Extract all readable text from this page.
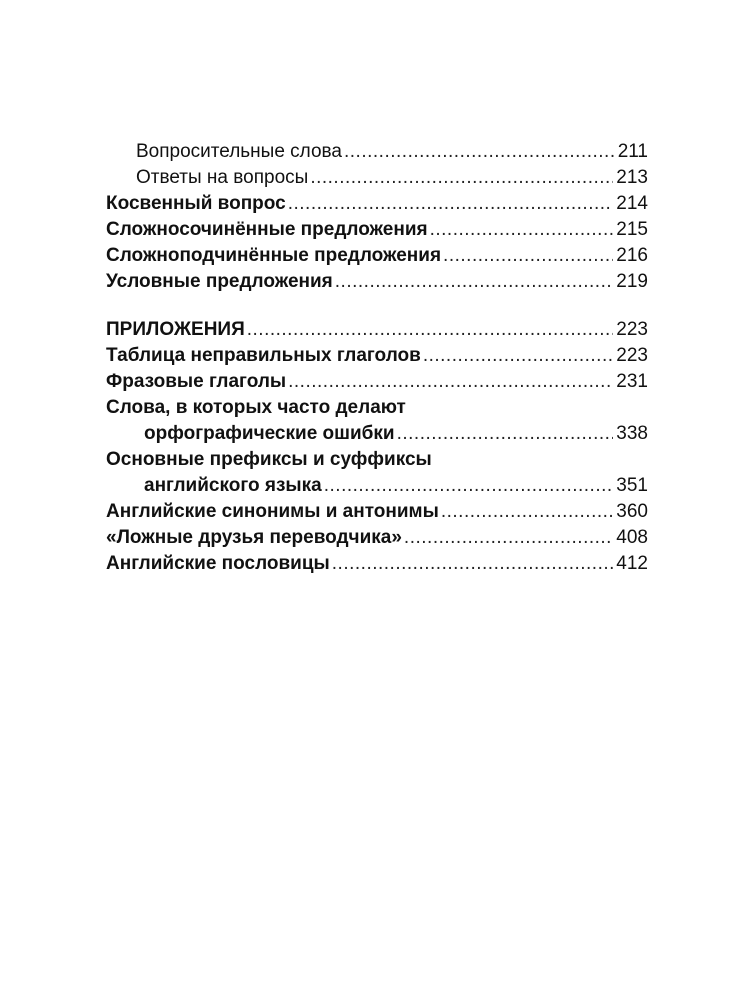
Вопросительные слова .....	211
Ответы на вопросы .....	213
Косвенный вопрос .....	214
Сложносочинённые предложения .....	215
Сложноподчинённые предложения .....	216
Условные предложения .....	219
ПРИЛОЖЕНИЯ .....	223
Таблица неправильных глаголов .....	223
Фразовые глаголы .....	231
Слова, в которых часто делают
орфографические ошибки .....	338
Основные префиксы и суффиксы
английского языка .....	351
Английские синонимы и антонимы .....	360
«Ложные друзья переводчика» .....	408
Английские пословицы .....	412
